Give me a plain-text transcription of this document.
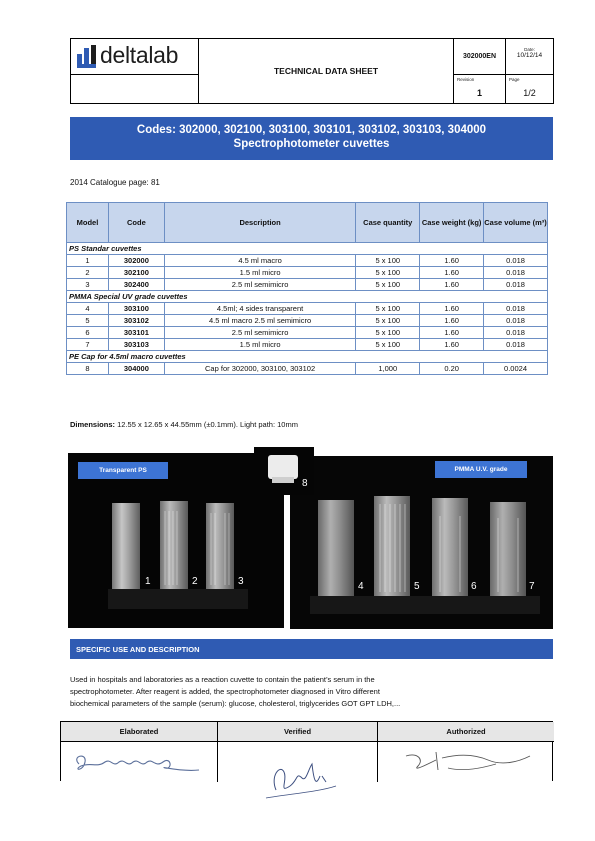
deltalab
TECHNICAL DATA SHEET
302000EN
Date:
10/12/14
Revision
1
Page
1/2
Codes: 302000, 302100, 303100, 303101, 303102, 303103, 304000
Spectrophotometer cuvettes
2014 Catalogue page: 81
Model	Code	Description	Case quantity	Case weight (kg)	Case volume (m³)
PS Standar cuvettes					
1	302000	4.5 ml macro	5 x 100	1.60	0.018
2	302100	1.5 ml micro	5 x 100	1.60	0.018
3	302400	2.5 ml semimicro	5 x 100	1.60	0.018
PMMA Special UV grade cuvettes					
4	303100	4.5ml; 4 sides transparent	5 x 100	1.60	0.018
5	303102	4.5 ml macro 2.5 ml semimicro	5 x 100	1.60	0.018
6	303101	2.5 ml semimicro	5 x 100	1.60	0.018
7	303103	1.5 ml micro	5 x 100	1.60	0.018
PE Cap for 4.5ml macro cuvettes					
8	304000	Cap for 302000, 303100, 303102	1,000	0.20	0.0024
Dimensions: 12.55 x 12.65 x 44.55mm (±0.1mm). Light path: 10mm
Transparent PS
1	2	3
PMMA U.V. grade
4	5	6	7
8
SPECIFIC USE AND DESCRIPTION
Used in hospitals and laboratories as a reaction cuvette to contain the patient’s serum in the
spectrophotometer. After reagent is added, the spectrophotometer diagnosed in Vitro different
biochemical parameters of the sample (serum): glucose, cholesterol, triglycerides GOT GPT LDH,...
Elaborated	Verified	Authorized
